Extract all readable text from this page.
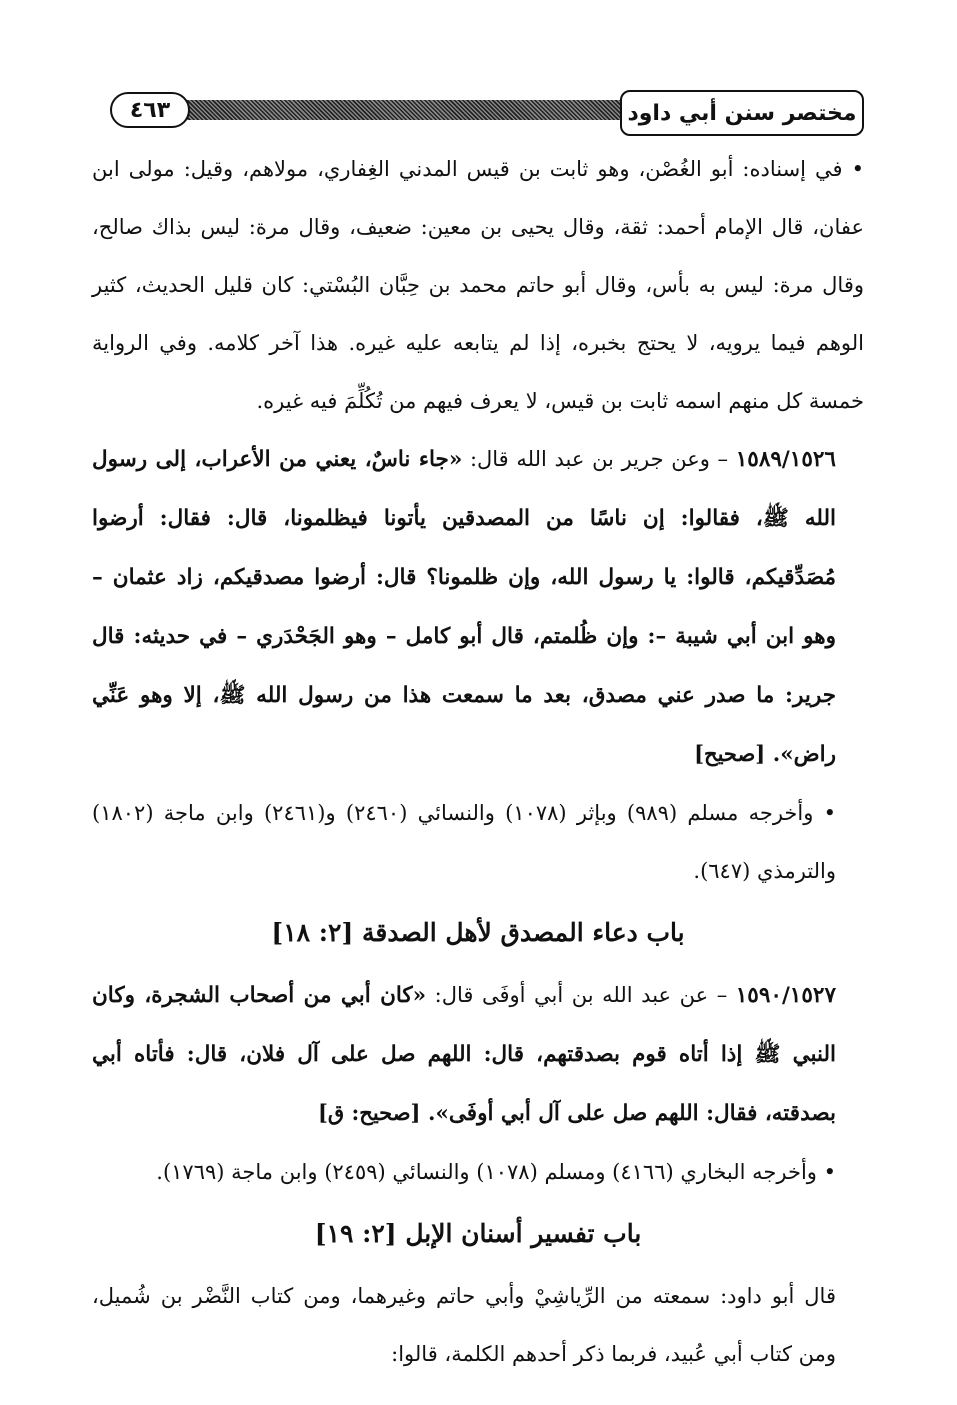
٤٦٣	مختصر سنن أبي داود

• في إسناده: أبو الغُصْن، وهو ثابت بن قيس المدني الغِفاري، مولاهم، وقيل: مولى ابن عفان، قال الإمام أحمد: ثقة، وقال يحيى بن معين: ضعيف، وقال مرة: ليس بذاك صالح، وقال مرة: ليس به بأس، وقال أبو حاتم محمد بن حِبَّان البُسْتي: كان قليل الحديث، كثير الوهم فيما يرويه، لا يحتج بخبره، إذا لم يتابعه عليه غيره. هذا آخر كلامه. وفي الرواية خمسة كل منهم اسمه ثابت بن قيس، لا يعرف فيهم من تُكُلِّمَ فيه غيره.

١٥٨٩/١٥٢٦ – وعن جرير بن عبد الله قال: «جاء ناسٌ، يعني من الأعراب، إلى رسول الله ﷺ، فقالوا: إن ناسًا من المصدقين يأتونا فيظلمونا، قال: فقال: أرضوا مُصَدِّقيكم، قالوا: يا رسول الله، وإن ظلمونا؟ قال: أرضوا مصدقيكم، زاد عثمان – وهو ابن أبي شيبة –: وإن ظُلمتم، قال أبو كامل – وهو الجَحْدَري – في حديثه: قال جرير: ما صدر عني مصدق، بعد ما سمعت هذا من رسول الله ﷺ، إلا وهو عَنِّي راض». [صحيح]

• وأخرجه مسلم (٩٨٩) وبإثر (١٠٧٨) والنسائي (٢٤٦٠) و(٢٤٦١) وابن ماجة (١٨٠٢) والترمذي (٦٤٧).

باب دعاء المصدق لأهل الصدقة [٢: ١٨]

١٥٩٠/١٥٢٧ – عن عبد الله بن أبي أوفَى قال: «كان أبي من أصحاب الشجرة، وكان النبي ﷺ إذا أتاه قوم بصدقتهم، قال: اللهم صل على آل فلان، قال: فأتاه أبي بصدقته، فقال: اللهم صل على آل أبي أوفَى». [صحيح: ق]

• وأخرجه البخاري (٤١٦٦) ومسلم (١٠٧٨) والنسائي (٢٤٥٩) وابن ماجة (١٧٦٩).

باب تفسير أسنان الإبل [٢: ١٩]

قال أبو داود: سمعته من الرِّياشِيْ وأبي حاتم وغيرهما، ومن كتاب النَّضْر بن شُميل، ومن كتاب أبي عُبيد، فربما ذكر أحدهم الكلمة، قالوا:
